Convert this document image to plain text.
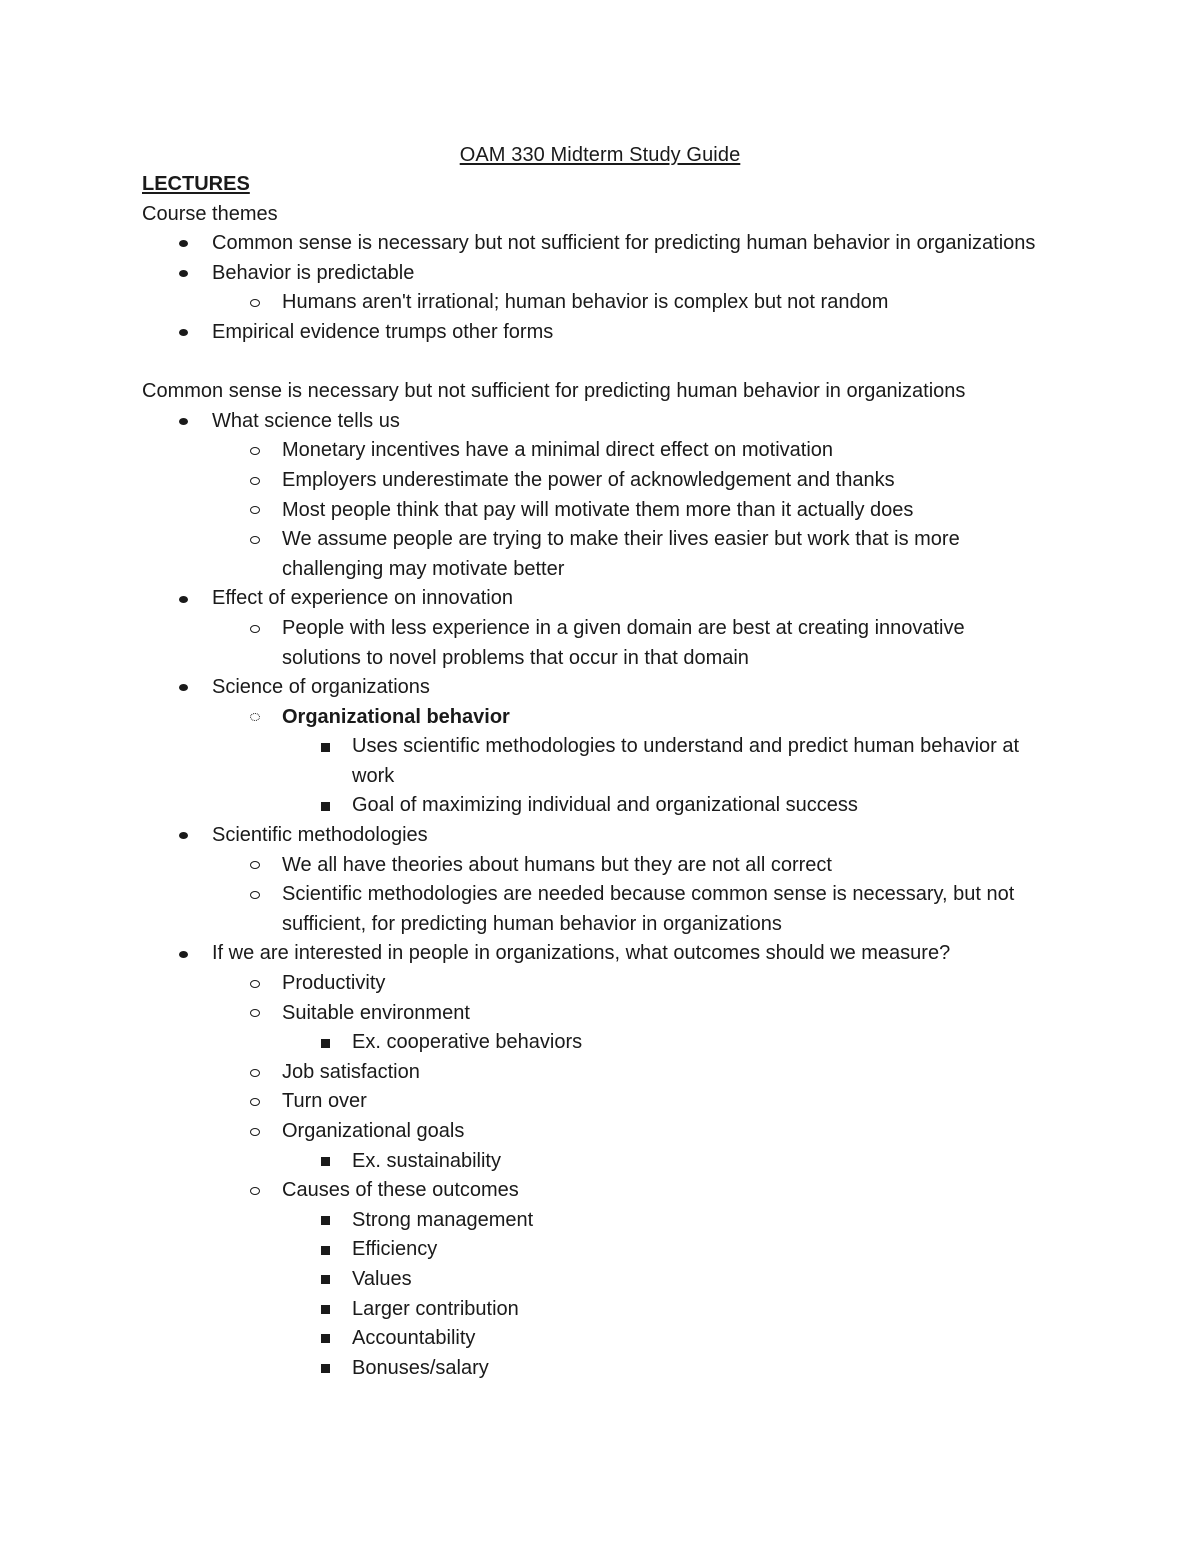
OAM 330 Midterm Study Guide
LECTURES
Course themes
Common sense is necessary but not sufficient for predicting human behavior in organizations
Behavior is predictable
Humans aren't irrational; human behavior is complex but not random
Empirical evidence trumps other forms
Common sense is necessary but not sufficient for predicting human behavior in organizations
What science tells us
Monetary incentives have a minimal direct effect on motivation
Employers underestimate the power of acknowledgement and thanks
Most people think that pay will motivate them more than it actually does
We assume people are trying to make their lives easier but work that is more challenging may motivate better
Effect of experience on innovation
People with less experience in a given domain are best at creating innovative solutions to novel problems that occur in that domain
Science of organizations
Organizational behavior
Uses scientific methodologies to understand and predict human behavior at work
Goal of maximizing individual and organizational success
Scientific methodologies
We all have theories about humans but they are not all correct
Scientific methodologies are needed because common sense is necessary, but not sufficient, for predicting human behavior in organizations
If we are interested in people in organizations, what outcomes should we measure?
Productivity
Suitable environment
Ex. cooperative behaviors
Job satisfaction
Turn over
Organizational goals
Ex. sustainability
Causes of these outcomes
Strong management
Efficiency
Values
Larger contribution
Accountability
Bonuses/salary
